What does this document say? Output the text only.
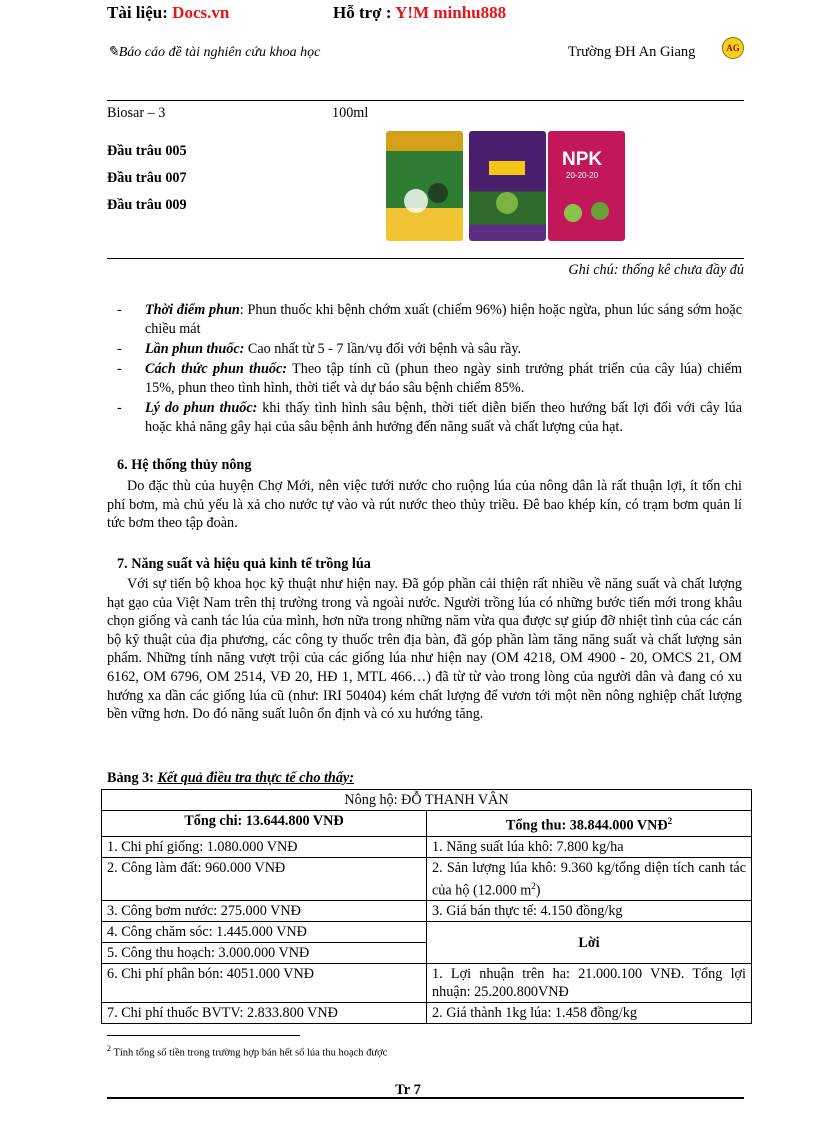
Tài liệu: Docs.vn	Hỗ trợ : Y!M minhu888
✎Báo cáo đề tài nghiên cứu khoa học	Trường ĐH An Giang	AG
Biosar – 3	100ml
Đầu trâu 005
Đầu trâu 007
Đầu trâu 009
NPK
20-20-20
Ghi chú: thống kê chưa đầy đủ
-	Thời điểm phun: Phun thuốc khi bệnh chớm xuất (chiếm 96%) hiện hoặc ngừa, phun lúc sáng sớm hoặc chiều mát
-	Lần phun thuốc: Cao nhất từ 5 - 7 lần/vụ đối với bệnh và sâu rầy.
-	Cách thức phun thuốc: Theo tập tính cũ (phun theo ngày sinh trưởng phát triển của cây lúa) chiếm 15%, phun theo tình hình, thời tiết và dự báo sâu bệnh chiếm 85%.
-	Lý do phun thuốc: khi thấy tình hình sâu bệnh, thời tiết diễn biến theo hướng bất lợi đối với cây lúa hoặc khả năng gây hại của sâu bệnh ảnh hưởng đến năng suất và chất lượng của hạt.
6. Hệ thống thủy nông
Do đặc thù của huyện Chợ Mới, nên việc tưới nước cho ruộng lúa của nông dân là rất thuận lợi, ít tốn chi phí bơm, mà chủ yếu là xả cho nước tự vào và rút nước theo thủy triều. Đê bao khép kín, có trạm bơm quản lí tức bơm theo tập đoàn.
7. Năng suất và hiệu quả kinh tế trồng lúa
Với sự tiến bộ khoa học kỹ thuật như hiện nay. Đã góp phần cải thiện rất nhiều về năng suất và chất lượng hạt gạo của Việt Nam trên thị trường trong và ngoài nước. Người trồng lúa có những bước tiến mới trong khâu chọn giống và canh tác lúa của mình, hơn nữa trong những năm vừa qua được sự giúp đỡ nhiệt tình của các cán bộ kỹ thuật của địa phương, các công ty thuốc trên địa bàn, đã góp phần làm tăng năng suất và chất lượng sản phẩm. Những tính năng vượt trội của các giống lúa như hiện nay (OM 4218, OM 4900 - 20, OMCS 21, OM 6162, OM 6796, OM 2514, VĐ 20, HĐ 1, MTL 466…) đã từ từ vào trong lòng của người dân và đang có xu hướng xa dần các giống lúa cũ (như: IRI 50404) kém chất lượng để vươn tới một nền nông nghiệp chất lượng bền vững hơn. Do đó năng suất luôn ổn định và có xu hướng tăng.
Bảng 3: Kết quả điều tra thực tế cho thấy:
Nông hộ: ĐỖ THANH VÂN	
Tổng chi: 13.644.800 VNĐ	Tổng thu: 38.844.000 VNĐ$^2$
1. Chi phí giống: 1.080.000 VNĐ	1. Năng suất lúa khô: 7.800 kg/ha
2. Công làm đất: 960.000 VNĐ	2. Sản lượng lúa khô: 9.360 kg/tổng diện tích canh tác của hộ (12.000 $m^2$)
3. Công bơm nước: 275.000 VNĐ	3. Giá bán thực tế: 4.150 đồng/kg
4. Công chăm sóc: 1.445.000 VNĐ	Lời
5. Công thu hoạch: 3.000.000 VNĐ	
6. Chi phí phân bón: 4051.000 VNĐ	1. Lợi nhuận trên ha: 21.000.100 VNĐ. Tổng lợi nhuận: 25.200.800VNĐ
7. Chi phí thuốc BVTV: 2.833.800 VNĐ	2. Giá thành 1kg lúa: 1.458 đồng/kg
$^2$ Tính tổng số tiền trong trường hợp bán hết số lúa thu hoạch được
Tr 7
